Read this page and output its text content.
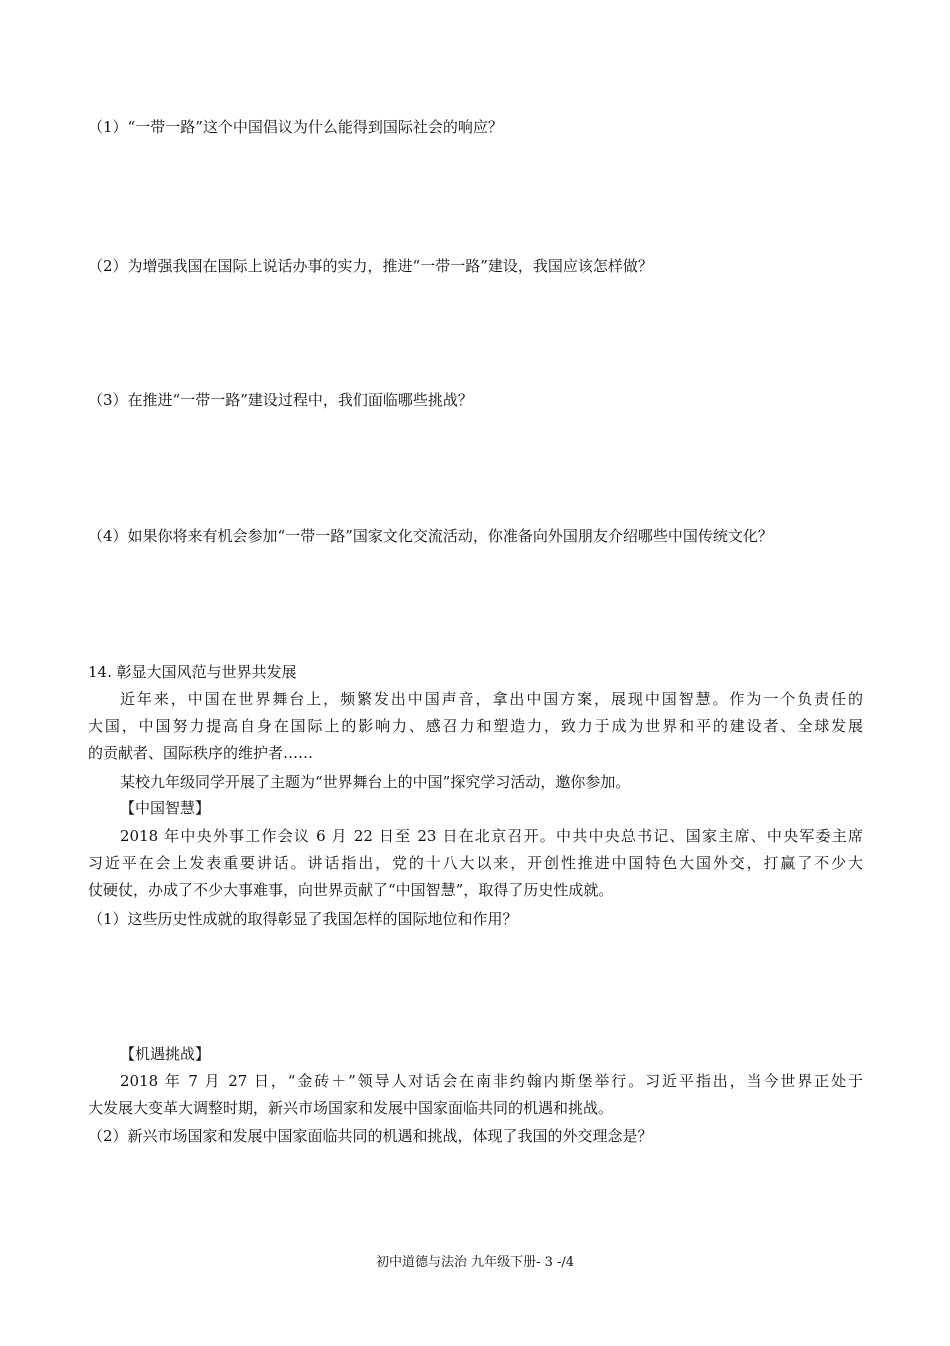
（1）“一带一路”这个中国倡议为什么能得到国际社会的响应？
（2）为增强我国在国际上说话办事的实力，推进“一带一路”建设，我国应该怎样做？
（3）在推进“一带一路”建设过程中，我们面临哪些挑战？
（4）如果你将来有机会参加“一带一路”国家文化交流活动，你准备向外国朋友介绍哪些中国传统文化？
14. 彰显大国风范与世界共发展
近年来，中国在世界舞台上，频繁发出中国声音，拿出中国方案，展现中国智慧。作为一个负责任的
大国，中国努力提高自身在国际上的影响力、感召力和塑造力，致力于成为世界和平的建设者、全球发展
的贡献者、国际秩序的维护者……
某校九年级同学开展了主题为“世界舞台上的中国”探究学习活动，邀你参加。
【中国智慧】
2018 年中央外事工作会议 6 月 22 日至 23 日在北京召开。中共中央总书记、国家主席、中央军委主席
习近平在会上发表重要讲话。讲话指出，党的十八大以来，开创性推进中国特色大国外交，打赢了不少大
仗硬仗，办成了不少大事难事，向世界贡献了“中国智慧”，取得了历史性成就。
（1）这些历史性成就的取得彰显了我国怎样的国际地位和作用？
【机遇挑战】
2018 年 7 月 27 日，“金砖＋”领导人对话会在南非约翰内斯堡举行。习近平指出，当今世界正处于
大发展大变革大调整时期，新兴市场国家和发展中国家面临共同的机遇和挑战。
（2）新兴市场国家和发展中国家面临共同的机遇和挑战，体现了我国的外交理念是？
初中道德与法治 九年级下册- 3 -/4
